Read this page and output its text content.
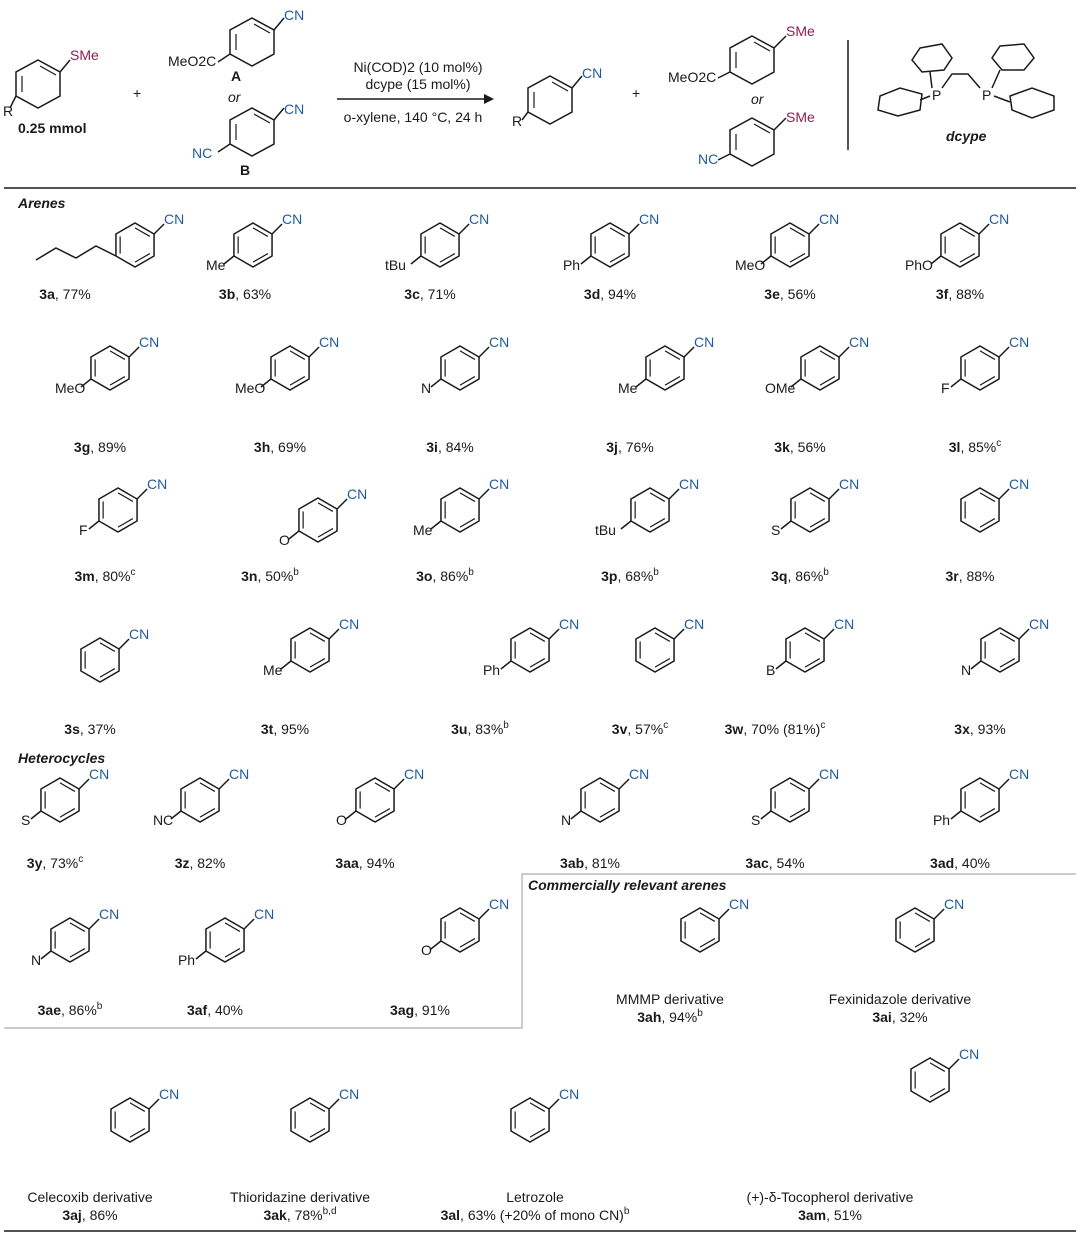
SMe
R
0.25 mmol
+
CN
MeO2C
A
or
CN
NC
B
Ni(COD)2 (10 mol%)
dcype (15 mol%)
o-xylene, 140 °C, 24 h
CN
R
+
SMe
MeO2C
or
SMe
NC
P	P
dcype
Arenes
Heterocycles
Commercially relevant arenes
CN
3a, 77%
CN
Me
3b, 63%
CN
tBu
3c, 71%
CN
Ph
3d, 94%
CN
MeO
3e, 56%
CN
PhO
3f, 88%
CN
MeO
3g, 89%
CN
MeO
3h, 69%
CN
N
3i, 84%
CN
Me
3j, 76%
CN
OMe
3k, 56%
CN
F
3l, 85%$^c$
CN
F
3m, 80%$^c$
CN
O
3n, 50%$^b$
CN
Me
3o, 86%$^b$
CN
tBu
3p, 68%$^b$
CN
S
3q, 86%$^b$
CN
3r, 88%
CN
3s, 37%
CN
Me
3t, 95%
CN
Ph
3u, 83%$^b$
CN
3v, 57%$^c$
CN
B
3w, 70% $(81\%)^c$
CN
N
3x, 93%
CN
S
3y, 73%$^c$
CN
NC
3z, 82%
CN
O
3aa, 94%
CN
N
3ab, 81%
CN
S
3ac, 54%
CN
Ph
3ad, 40%
CN
N
3ae, 86%$^b$
CN
Ph
3af, 40%
CN
O
3ag, 91%
CN
MMMP derivative
3ah, 94%$^b$
CN
Fexinidazole derivative
3ai, 32%
CN
Celecoxib derivative
3aj, 86%
CN
Thioridazine derivative
3ak, 78%$^{b,d}$
CN
Letrozole
3al, 63% (+20% of mono CN)$^b$
CN
(+)-δ-Tocopherol derivative
3am, 51%
